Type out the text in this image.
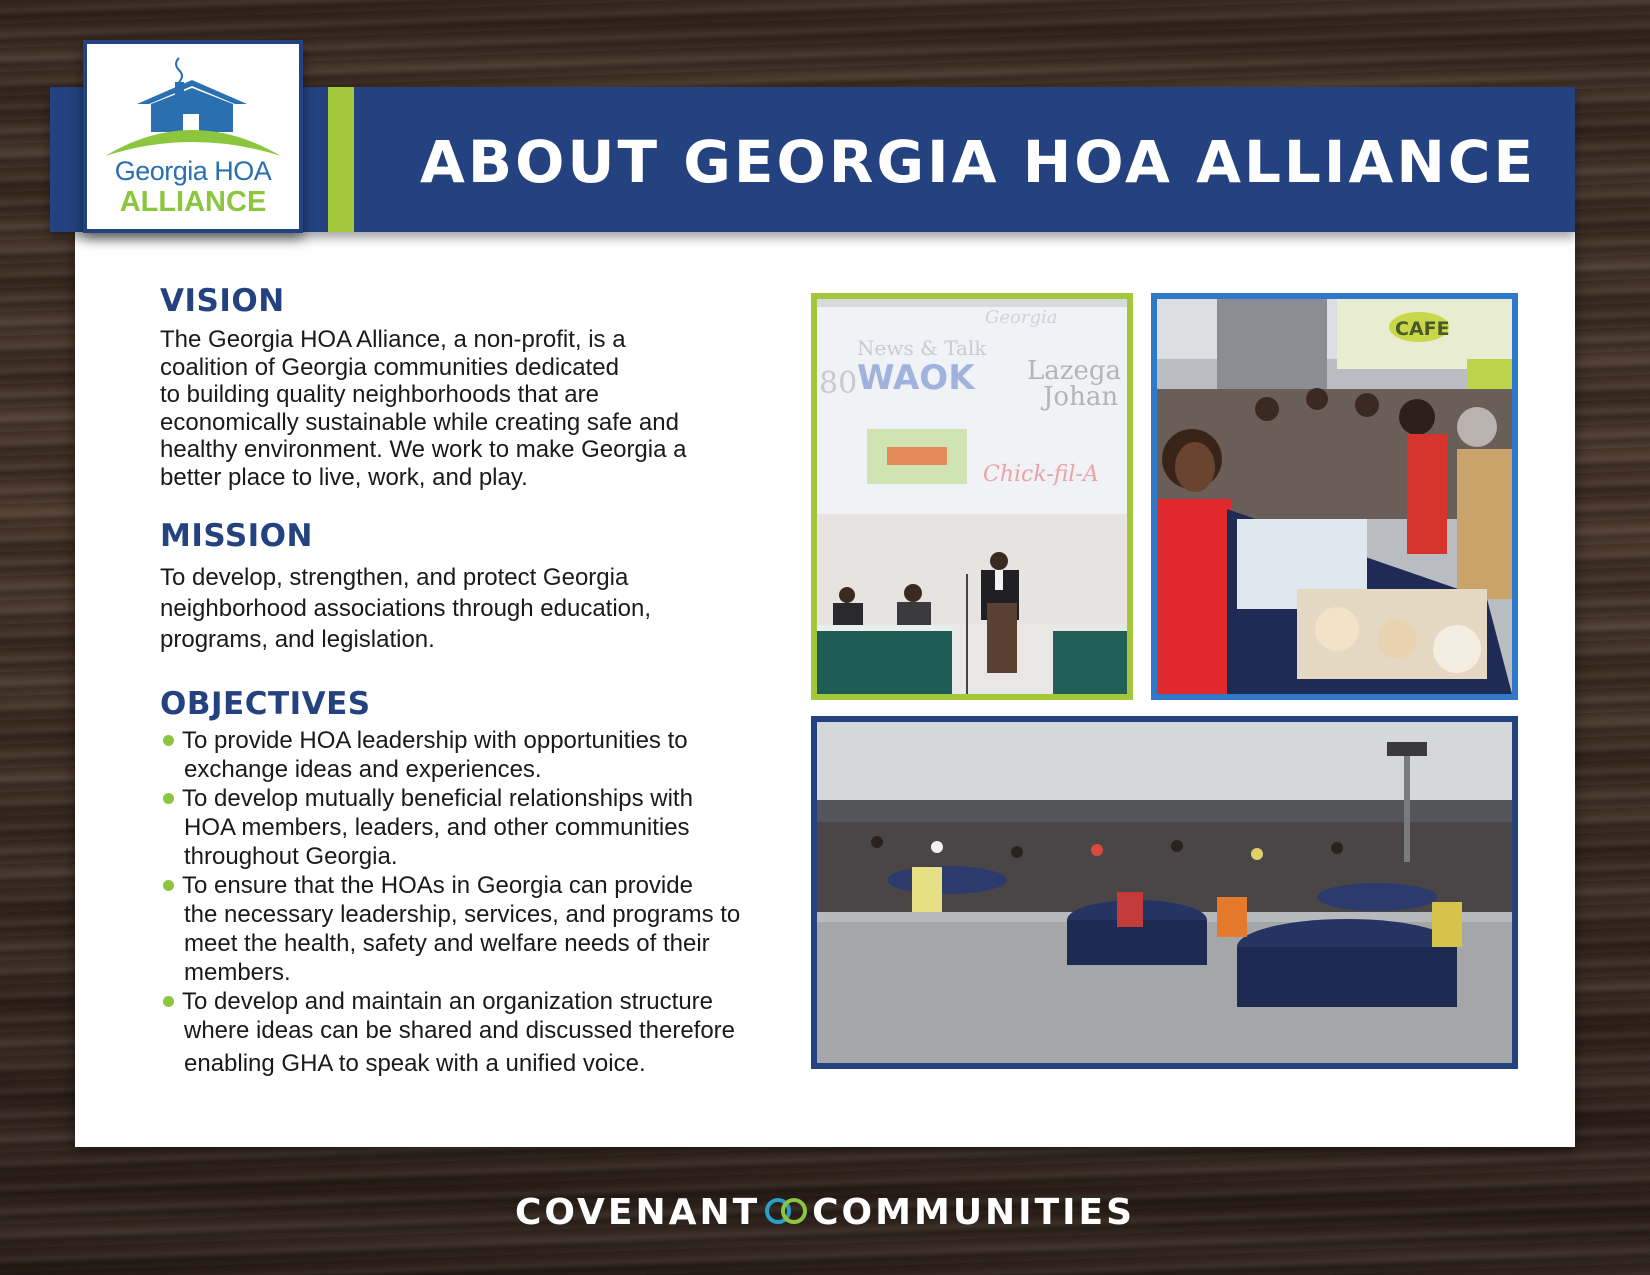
ABOUT GEORGIA HOA ALLIANCE
Georgia HOA
ALLIANCE
VISION
The Georgia HOA Alliance, a non-profit, is a
coalition of Georgia communities dedicated
to building quality neighborhoods that are
economically sustainable while creating safe and
healthy environment. We work to make Georgia a
better place to live, work, and play.
MISSION
To develop, strengthen, and protect Georgia
neighborhood associations through education,
programs, and legislation.
OBJECTIVES
To provide HOA leadership with opportunities to
exchange ideas and experiences.
To develop mutually beneficial relationships with
HOA members, leaders, and other communities
throughout Georgia.
To ensure that the HOAs in Georgia can provide
the necessary leadership, services, and programs to
meet the health, safety and welfare needs of their
members.
To develop and maintain an organization structure
where ideas can be shared and discussed therefore
enabling GHA to speak with a unified voice.
News & Talk
WAOK Lazega
Johan
Chick-fil-A
Georgia
80
CAFE
COVENANT COMMUNITIES
